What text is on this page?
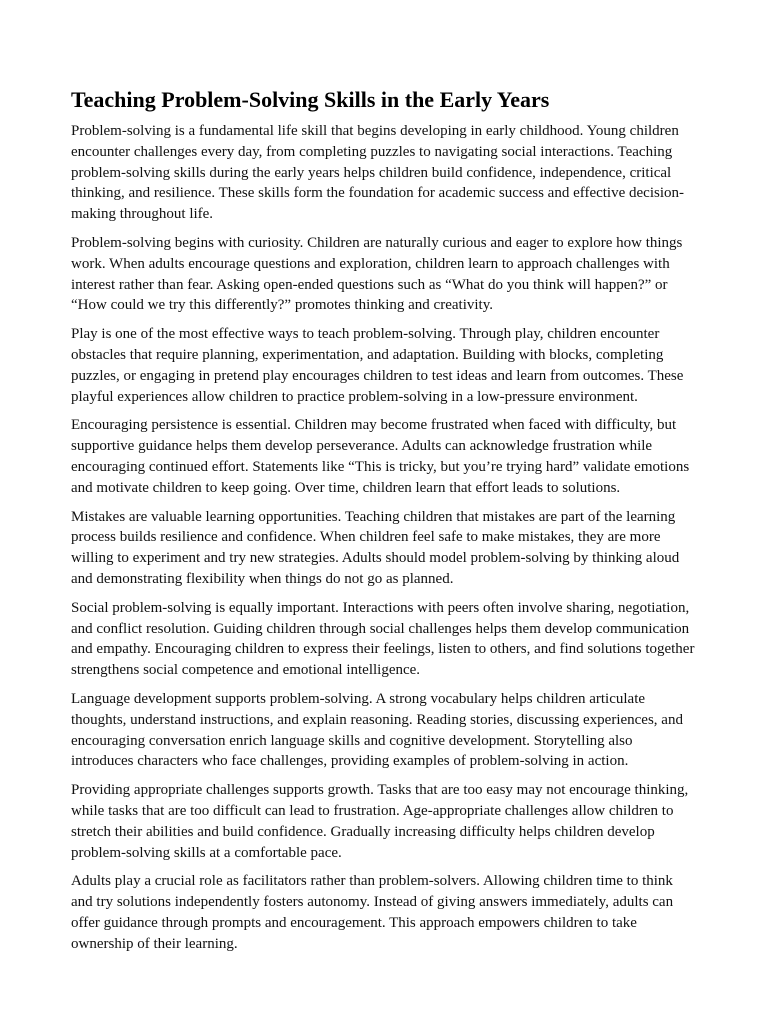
Teaching Problem-Solving Skills in the Early Years

Problem-solving is a fundamental life skill that begins developing in early childhood. Young children encounter challenges every day, from completing puzzles to navigating social interactions. Teaching problem-solving skills during the early years helps children build confidence, independence, critical thinking, and resilience. These skills form the foundation for academic success and effective decision-making throughout life.

Problem-solving begins with curiosity. Children are naturally curious and eager to explore how things work. When adults encourage questions and exploration, children learn to approach challenges with interest rather than fear. Asking open-ended questions such as “What do you think will happen?” or “How could we try this differently?” promotes thinking and creativity.

Play is one of the most effective ways to teach problem-solving. Through play, children encounter obstacles that require planning, experimentation, and adaptation. Building with blocks, completing puzzles, or engaging in pretend play encourages children to test ideas and learn from outcomes. These playful experiences allow children to practice problem-solving in a low-pressure environment.

Encouraging persistence is essential. Children may become frustrated when faced with difficulty, but supportive guidance helps them develop perseverance. Adults can acknowledge frustration while encouraging continued effort. Statements like “This is tricky, but you’re trying hard” validate emotions and motivate children to keep going. Over time, children learn that effort leads to solutions.

Mistakes are valuable learning opportunities. Teaching children that mistakes are part of the learning process builds resilience and confidence. When children feel safe to make mistakes, they are more willing to experiment and try new strategies. Adults should model problem-solving by thinking aloud and demonstrating flexibility when things do not go as planned.

Social problem-solving is equally important. Interactions with peers often involve sharing, negotiation, and conflict resolution. Guiding children through social challenges helps them develop communication and empathy. Encouraging children to express their feelings, listen to others, and find solutions together strengthens social competence and emotional intelligence.

Language development supports problem-solving. A strong vocabulary helps children articulate thoughts, understand instructions, and explain reasoning. Reading stories, discussing experiences, and encouraging conversation enrich language skills and cognitive development. Storytelling also introduces characters who face challenges, providing examples of problem-solving in action.

Providing appropriate challenges supports growth. Tasks that are too easy may not encourage thinking, while tasks that are too difficult can lead to frustration. Age-appropriate challenges allow children to stretch their abilities and build confidence. Gradually increasing difficulty helps children develop problem-solving skills at a comfortable pace.

Adults play a crucial role as facilitators rather than problem-solvers. Allowing children time to think and try solutions independently fosters autonomy. Instead of giving answers immediately, adults can offer guidance through prompts and encouragement. This approach empowers children to take ownership of their learning.
